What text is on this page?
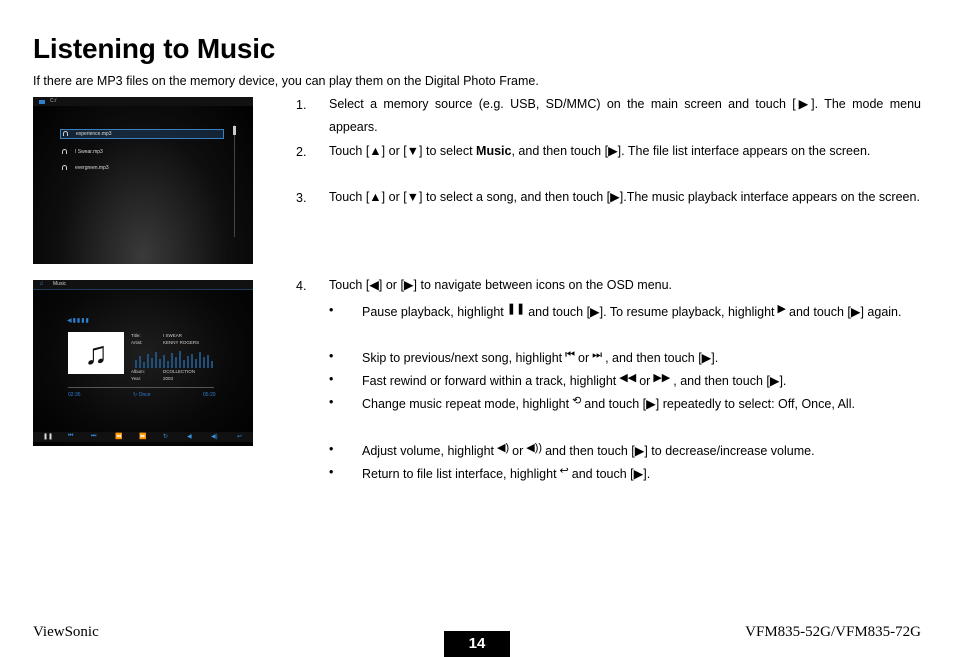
Listening to Music
If there are MP3 files on the memory device, you can play them on the Digital Photo Frame.
C:/
experience.mp3
I Swear.mp3
evergreen.mp3
♫ Music
◀▮▮▮▮
♫	Title:	I SWEAR
Artist:	KENNY ROGERS
Album:	DCOLLECTION
Year:	2003
02:36	↻ Once	05:20
❚❚ ⏮	⏭	⏪	⏩	↻	◀	◀)	↩
1. Select a memory source (e.g. USB, SD/MMC) on the main screen and touch [▶]. The mode menu appears.
2. Touch [▲] or [▼] to select Music, and then touch [▶]. The file list interface appears on the screen.
3. Touch [▲] or [▼] to select a song, and then touch [▶].The music playback interface appears on the screen.
4. Touch [◀] or [▶] to navigate between icons on the OSD menu.
• Pause playback, highlight ❚❚ and touch [▶]. To resume playback, highlight ▶ and touch [▶] again.
• Skip to previous/next song, highlight ⏮ or ⏭ , and then touch [▶].
• Fast rewind or forward within a track, highlight ◀◀ or ▶▶ , and then touch [▶].
• Change music repeat mode, highlight ⟲ and touch [▶] repeatedly to select: Off, Once, All.
• Adjust volume, highlight ◀) or ◀)) and then touch [▶] to decrease/increase volume.
• Return to file list interface, highlight ↩ and touch [▶].
ViewSonic
14
VFM835-52G/VFM835-72G
